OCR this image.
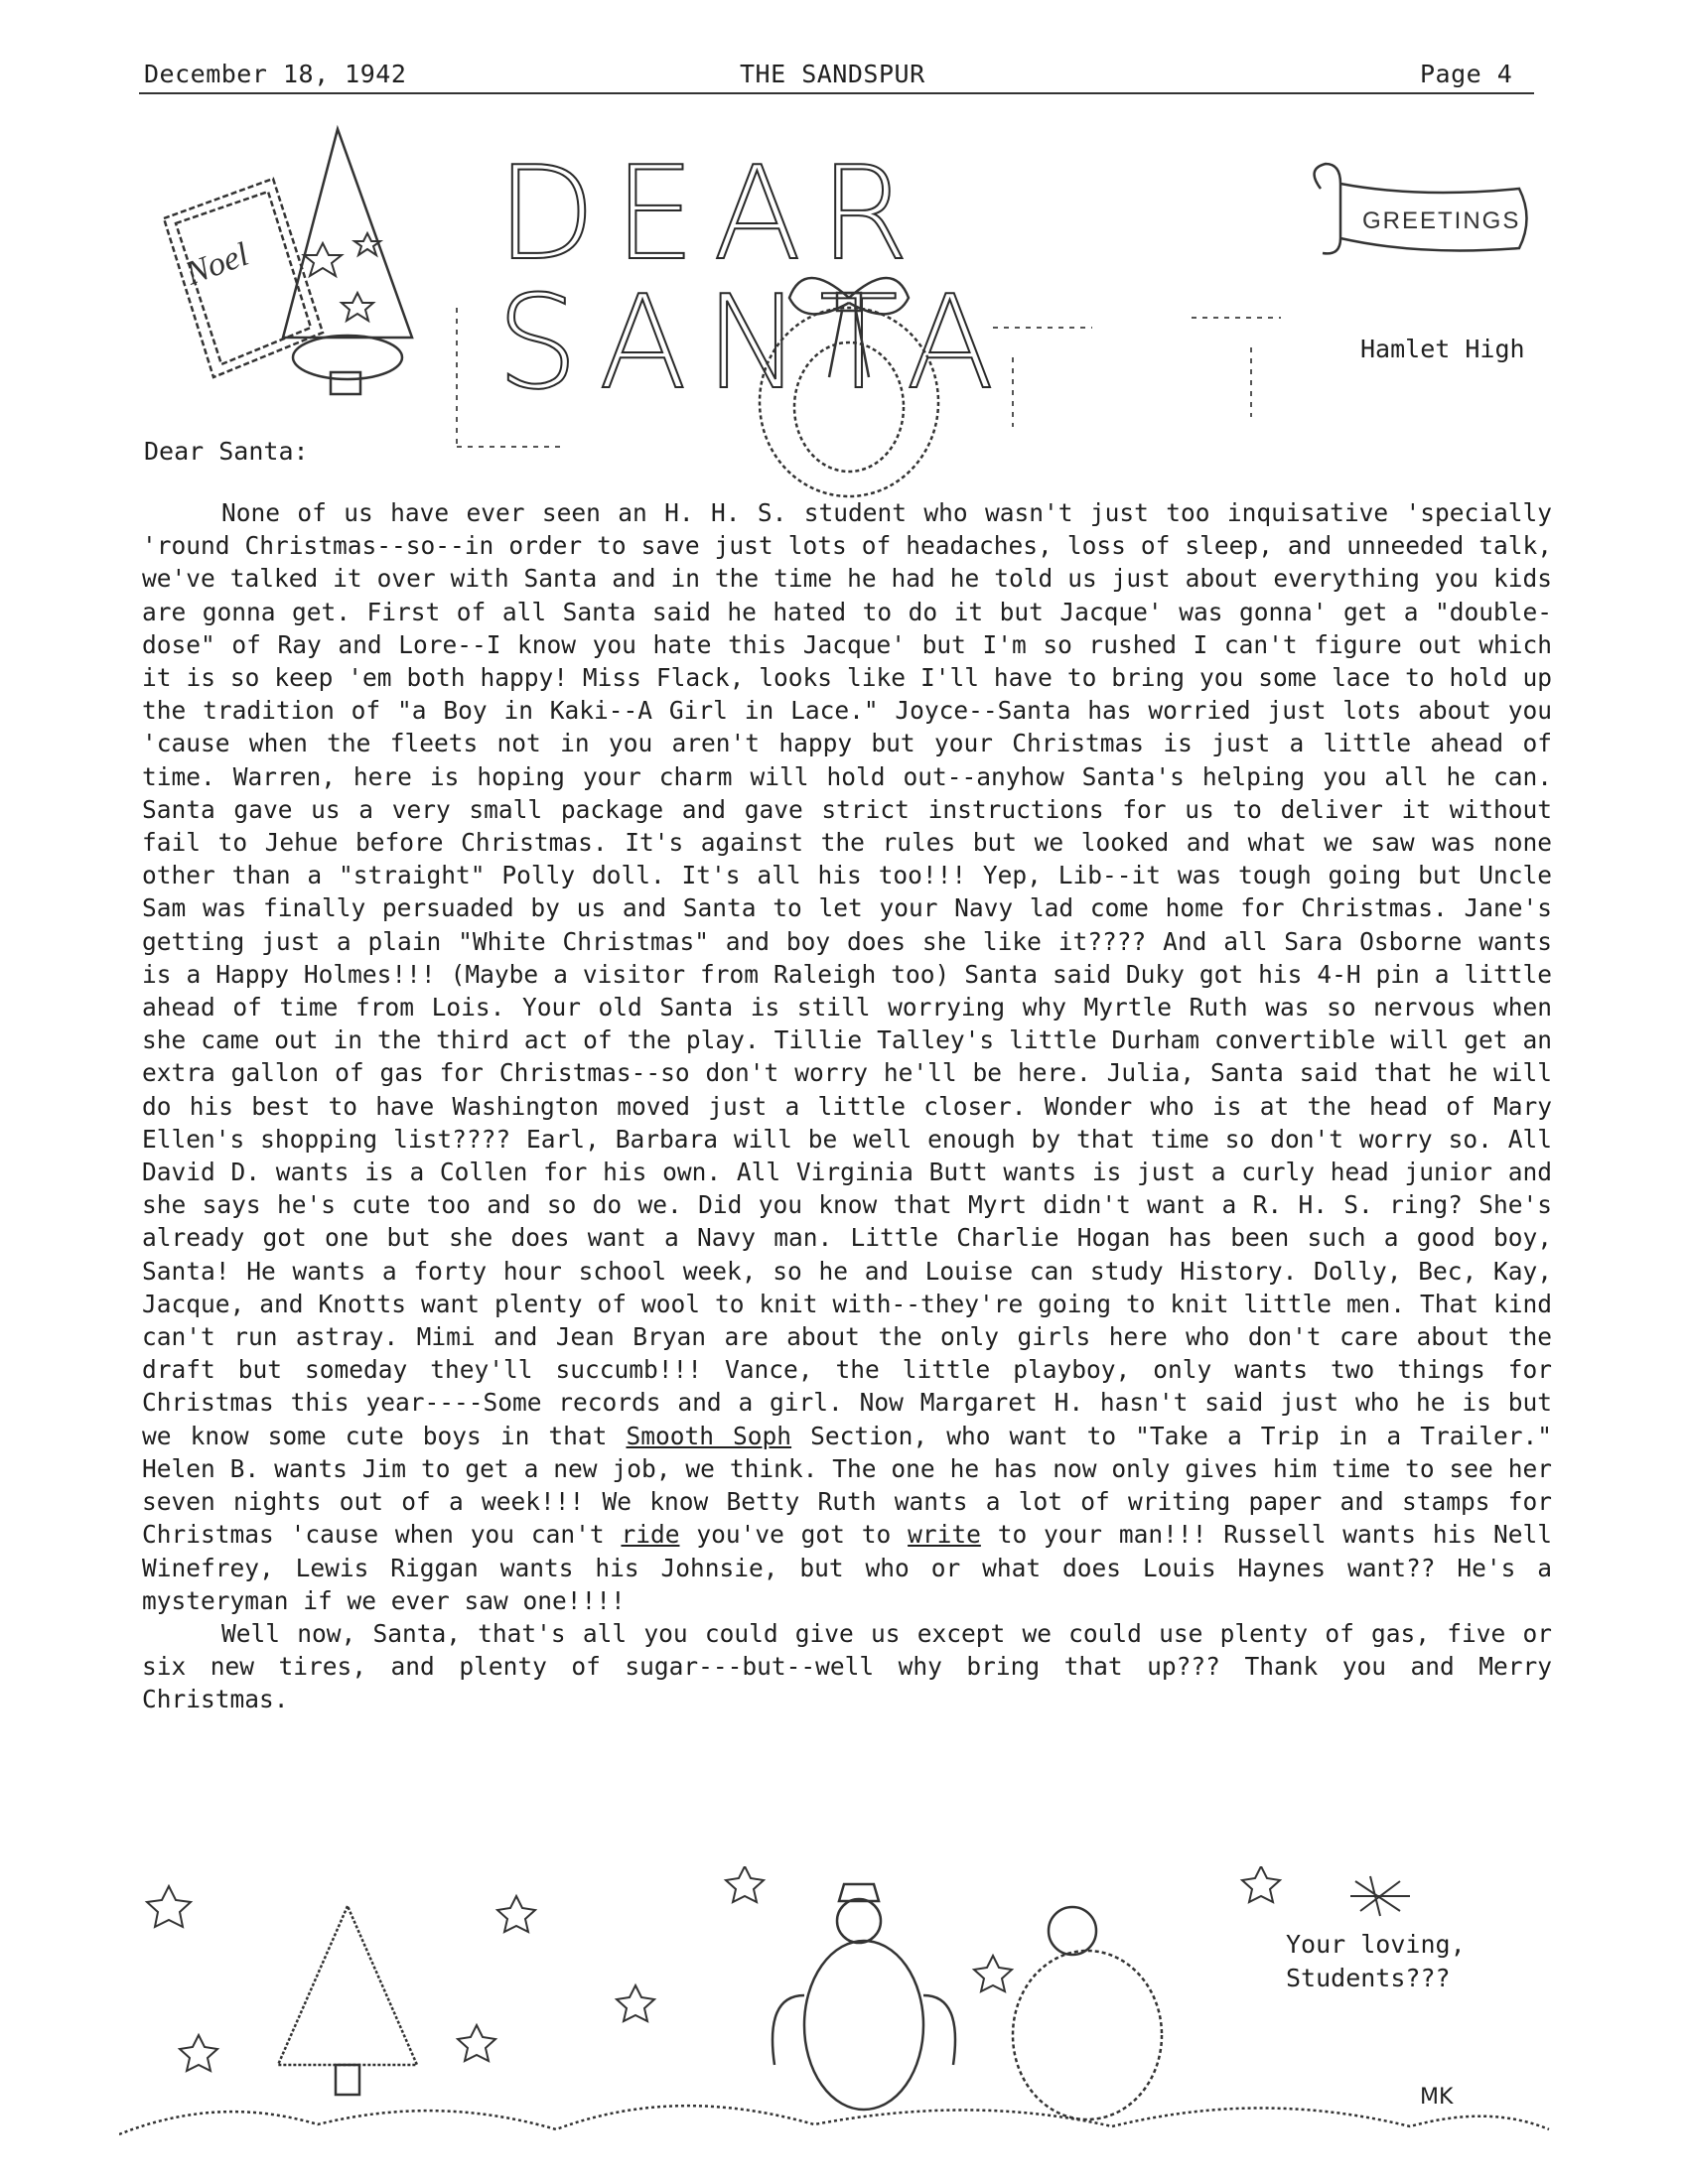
December 18, 1942	THE SANDSPUR	Page 4
Noel DEAR SANTA
GREETINGS
Hamlet High
Dear Santa:

None of us have ever seen an H. H. S. student who wasn't just too inquisative 'specially 'round Christmas--so--in order to save just lots of headaches, loss of sleep, and unneeded talk, we've talked it over with Santa and in the time he had he told us just about everything you kids are gonna get. First of all Santa said he hated to do it but Jacque' was gonna' get a "double-dose" of Ray and Lore--I know you hate this Jacque' but I'm so rushed I can't figure out which it is so keep 'em both happy! Miss Flack, looks like I'll have to bring you some lace to hold up the tradition of "a Boy in Kaki--A Girl in Lace." Joyce--Santa has worried just lots about you 'cause when the fleets not in you aren't happy but your Christmas is just a little ahead of time. Warren, here is hoping your charm will hold out--anyhow Santa's helping you all he can. Santa gave us a very small package and gave strict instructions for us to deliver it without fail to Jehue before Christmas. It's against the rules but we looked and what we saw was none other than a "straight" Polly doll. It's all his too!!! Yep, Lib--it was tough going but Uncle Sam was finally persuaded by us and Santa to let your Navy lad come home for Christmas. Jane's getting just a plain "White Christmas" and boy does she like it???? And all Sara Osborne wants is a Happy Holmes!!! (Maybe a visitor from Raleigh too) Santa said Duky got his 4-H pin a little ahead of time from Lois. Your old Santa is still worrying why Myrtle Ruth was so nervous when she came out in the third act of the play. Tillie Talley's little Durham convertible will get an extra gallon of gas for Christmas--so don't worry he'll be here. Julia, Santa said that he will do his best to have Washington moved just a little closer. Wonder who is at the head of Mary Ellen's shopping list???? Earl, Barbara will be well enough by that time so don't worry so. All David D. wants is a Collen for his own. All Virginia Butt wants is just a curly head junior and she says he's cute too and so do we. Did you know that Myrt didn't want a R. H. S. ring? She's already got one but she does want a Navy man. Little Charlie Hogan has been such a good boy, Santa! He wants a forty hour school week, so he and Louise can study History. Dolly, Bec, Kay, Jacque, and Knotts want plenty of wool to knit with--they're going to knit little men. That kind can't run astray. Mimi and Jean Bryan are about the only girls here who don't care about the draft but someday they'll succumb!!! Vance, the little playboy, only wants two things for Christmas this year----Some records and a girl. Now Margaret H. hasn't said just who he is but we know some cute boys in that Smooth Soph Section, who want to "Take a Trip in a Trailer." Helen B. wants Jim to get a new job, we think. The one he has now only gives him time to see her seven nights out of a week!!! We know Betty Ruth wants a lot of writing paper and stamps for Christmas 'cause when you can't ride you've got to write to your man!!! Russell wants his Nell Winefrey, Lewis Riggan wants his Johnsie, but who or what does Louis Haynes want?? He's a mysteryman if we ever saw one!!!!

Well now, Santa, that's all you could give us except we could use plenty of gas, five or six new tires, and plenty of sugar---but--well why bring that up??? Thank you and Merry Christmas.

Your loving,
Students???
MK
